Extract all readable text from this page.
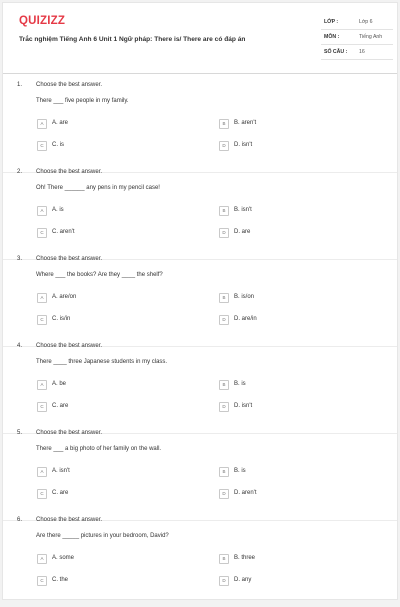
QUIZIZZ
Trắc nghiệm Tiếng Anh 6 Unit 1 Ngữ pháp: There is/ There are có đáp án
LỚP :	Lớp 6
MÔN :	Tiếng Anh
SỐ CÂU : 16
1. Choose the best answer.
There ___ five people in my family.
A	A. are	B	B. aren't
C	C. is	D	D. isn't
2. Choose the best answer.
Oh! There ______ any pens in my pencil case!
A	A. is	B	B. isn't
C	C. aren't	D	D. are
3. Choose the best answer.
Where ___ the books? Are they ____ the shelf?
A	A. are/on	B	B. is/on
C	C. is/in	D	D. are/in
4. Choose the best answer.
There ____ three Japanese students in my class.
A	A. be	B	B. is
C	C. are	D	D. isn't
5. Choose the best answer.
There ___ a big photo of her family on the wall.
A	A. isn't	B	B. is
C	C. are	D	D. aren't
6. Choose the best answer.
Are there _____ pictures in your bedroom, David?
A	A. some	B	B. three
C	C. the	D	D. any
